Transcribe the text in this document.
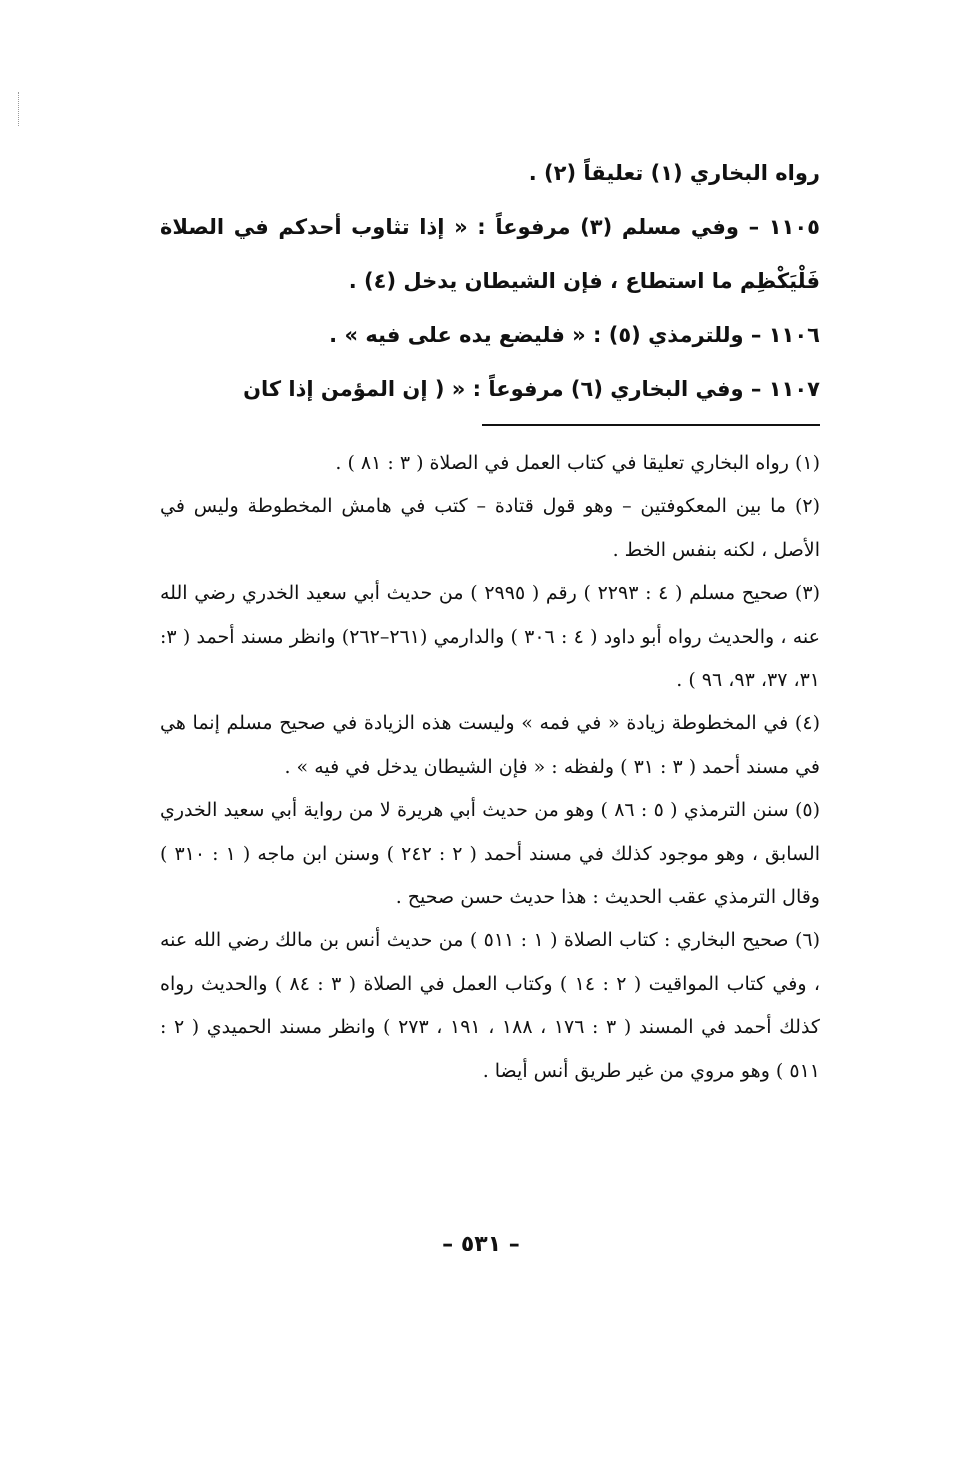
رواه البخاري (١) تعليقاً (٢) .

١١٠٥ – وفي مسلم (٣) مرفوعاً : « إذا تثاوب أحدكم في الصلاة فَلْيَكْظِم ما استطاع ، فإن الشيطان يدخل (٤) .

١١٠٦ – وللترمذي (٥) : « فليضع يده على فيه » .

١١٠٧ – وفي البخاري (٦) مرفوعاً : « ( إن المؤمن إذا كان

(١) رواه البخاري تعليقا في كتاب العمل في الصلاة ( ٣ : ٨١ ) .

(٢) ما بين المعكوفتين – وهو قول قتادة – كتب في هامش المخطوطة وليس في الأصل ، لكنه بنفس الخط .

(٣) صحيح مسلم ( ٤ : ٢٢٩٣ ) رقم ( ٢٩٩٥ ) من حديث أبي سعيد الخدري رضي الله عنه ، والحديث رواه أبو داود ( ٤ : ٣٠٦ ) والدارمي (٢٦١–٢٦٢) وانظر مسند أحمد ( ٣: ٣١، ٣٧، ٩٣، ٩٦ ) .

(٤) في المخطوطة زيادة « في فمه » وليست هذه الزيادة في صحيح مسلم إنما هي في مسند أحمد ( ٣ : ٣١ ) ولفظه : « فإن الشيطان يدخل في فيه » .

(٥) سنن الترمذي ( ٥ : ٨٦ ) وهو من حديث أبي هريرة لا من رواية أبي سعيد الخدري السابق ، وهو موجود كذلك في مسند أحمد ( ٢ : ٢٤٢ ) وسنن ابن ماجه ( ١ : ٣١٠ ) وقال الترمذي عقب الحديث : هذا حديث حسن صحيح .

(٦) صحيح البخاري : كتاب الصلاة ( ١ : ٥١١ ) من حديث أنس بن مالك رضي الله عنه ، وفي كتاب المواقيت ( ٢ : ١٤ ) وكتاب العمل في الصلاة ( ٣ : ٨٤ ) والحديث رواه كذلك أحمد في المسند ( ٣ : ١٧٦ ، ١٨٨ ، ١٩١ ، ٢٧٣ ) وانظر مسند الحميدي ( ٢ : ٥١١ ) وهو مروي من غير طريق أنس أيضا .

– ٥٣١ –
